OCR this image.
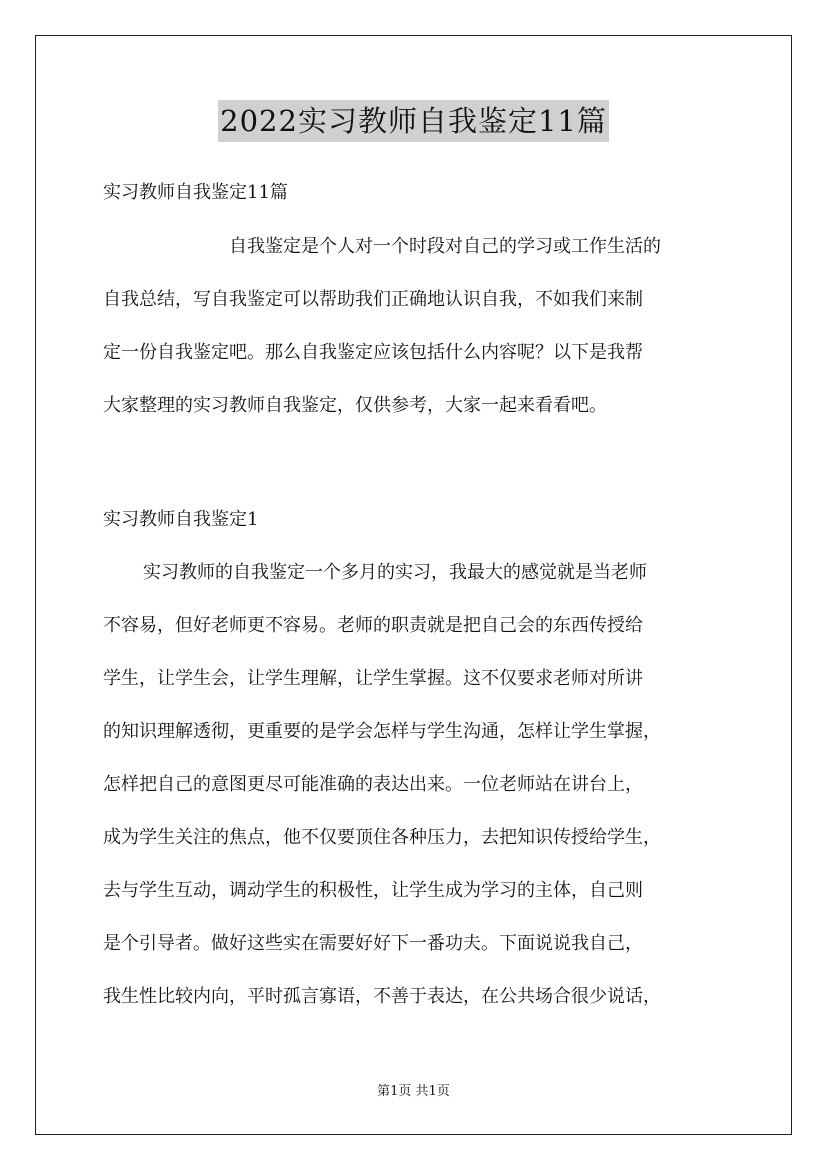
2022实习教师自我鉴定11篇
实习教师自我鉴定11篇
自我鉴定是个人对一个时段对自己的学习或工作生活的
自我总结，写自我鉴定可以帮助我们正确地认识自我，不如我们来制
定一份自我鉴定吧。那么自我鉴定应该包括什么内容呢？以下是我帮
大家整理的实习教师自我鉴定，仅供参考，大家一起来看看吧。
实习教师自我鉴定1
实习教师的自我鉴定一个多月的实习，我最大的感觉就是当老师
不容易，但好老师更不容易。老师的职责就是把自己会的东西传授给
学生，让学生会，让学生理解，让学生掌握。这不仅要求老师对所讲
的知识理解透彻，更重要的是学会怎样与学生沟通，怎样让学生掌握，
怎样把自己的意图更尽可能准确的表达出来。一位老师站在讲台上，
成为学生关注的焦点，他不仅要顶住各种压力，去把知识传授给学生，
去与学生互动，调动学生的积极性，让学生成为学习的主体，自己则
是个引导者。做好这些实在需要好好下一番功夫。下面说说我自己，
我生性比较内向，平时孤言寡语，不善于表达，在公共场合很少说话，
第1页 共1页
